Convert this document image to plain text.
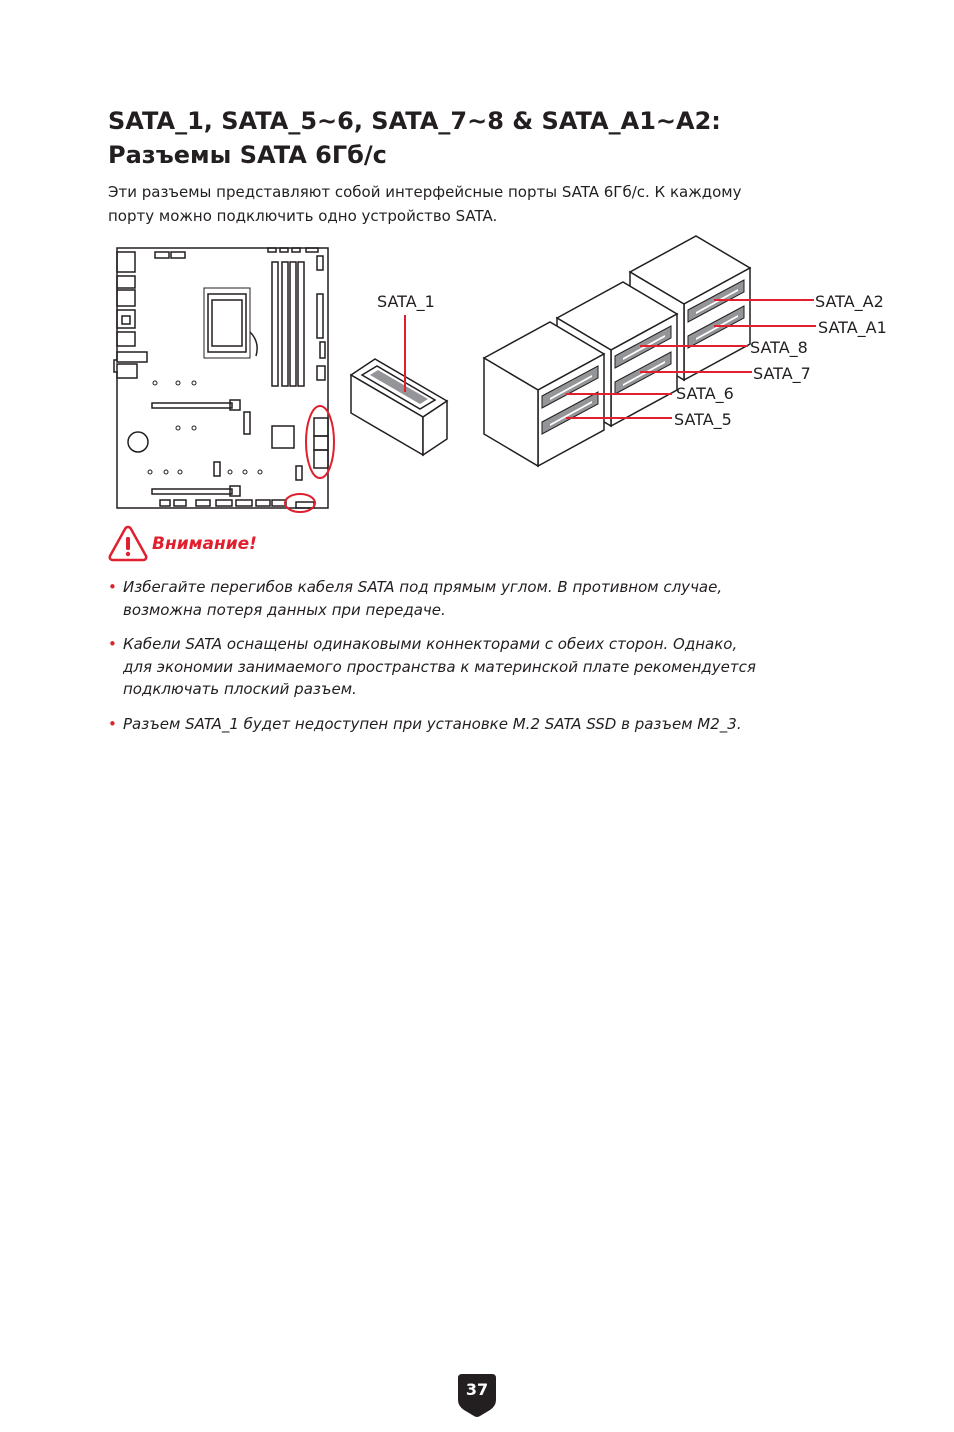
SATA_1, SATA_5~6, SATA_7~8 & SATA_A1~A2:
Разъемы SATA 6Гб/с

Эти разъемы представляют собой интерфейсные порты SATA 6Гб/с. К каждому
порту можно подключить одно устройство SATA.

SATA_1	SATA_A2
SATA_A1
SATA_8
SATA_7
SATA_6
SATA_5
Внимание!
• Избегайте перегибов кабеля SATA под прямым углом. В противном случае,
возможна потеря данных при передаче.
• Кабели SATA оснащены одинаковыми коннекторами с обеих сторон. Однако,
для экономии занимаемого пространства к материнской плате рекомендуется
подключать плоский разъем.
• Разъем SATA_1 будет недоступен при установке M.2 SATA SSD в разъем M2_3.
37
